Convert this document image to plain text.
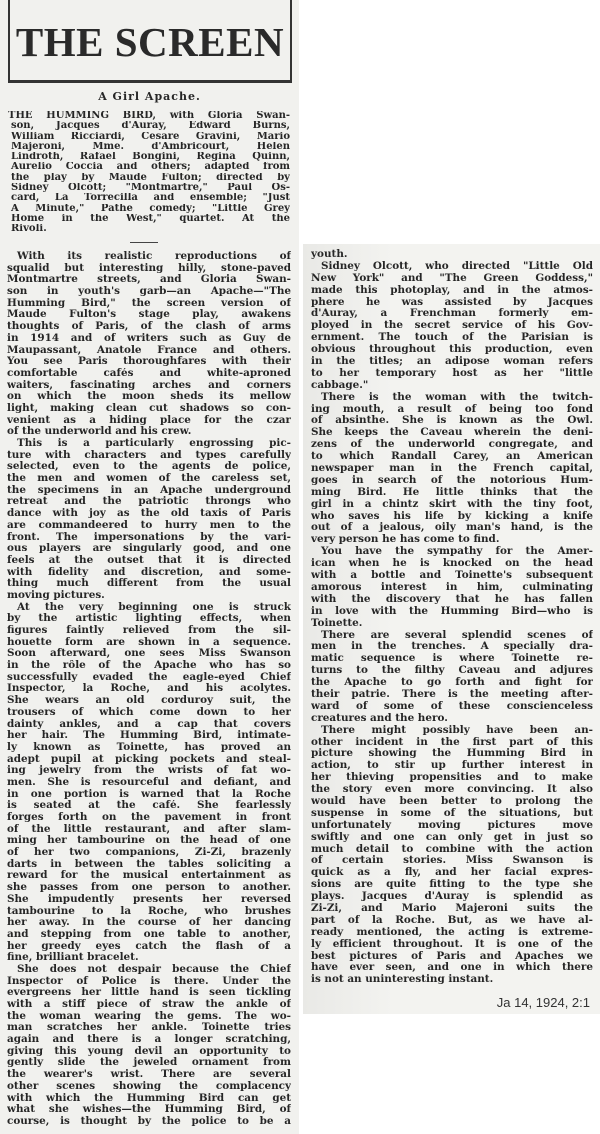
THE SCREEN
A Girl Apache.
THE HUMMING BIRD, with Gloria Swan-
son, Jacques d'Auray, Edward Burns,
William Ricciardi, Cesare Gravini, Mario
Majeroni, Mme. d'Ambricourt, Helen
Lindroth, Rafael Bongini, Regina Quinn,
Aurelio Coccia and others; adapted from
the play by Maude Fulton; directed by
Sidney Olcott; "Montmartre," Paul Os-
card, La Torrecilla and ensemble; "Just
A Minute," Pathe comedy; "Little Grey
Home in the West," quartet. At the
Rivoli.
With its realistic reproductions of
squalid but interesting hilly, stone-paved
Montmartre streets, and Gloria Swan-
son in youth's garb—an Apache—"The
Humming Bird," the screen version of
Maude Fulton's stage play, awakens
thoughts of Paris, of the clash of arms
in 1914 and of writers such as Guy de
Maupassant, Anatole France and others.
You see Paris thoroughfares with their
comfortable cafés and white-aproned
waiters, fascinating arches and corners
on which the moon sheds its mellow
light, making clean cut shadows so con-
venient as a hiding place for the czar
of the underworld and his crew.
This is a particularly engrossing pic-
ture with characters and types carefully
selected, even to the agents de police,
the men and women of the careless set,
the specimens in an Apache underground
retreat and the patriotic throngs who
dance with joy as the old taxis of Paris
are commandeered to hurry men to the
front. The impersonations by the vari-
ous players are singularly good, and one
feels at the outset that it is directed
with fidelity and discretion, and some-
thing much different from the usual
moving pictures.
At the very beginning one is struck
by the artistic lighting effects, when
figures faintly relieved from the sil-
houette form are shown in a sequence.
Soon afterward, one sees Miss Swanson
in the rôle of the Apache who has so
successfully evaded the eagle-eyed Chief
Inspector, la Roche, and his acolytes.
She wears an old corduroy suit, the
trousers of which come down to her
dainty ankles, and a cap that covers
her hair. The Humming Bird, intimate-
ly known as Toinette, has proved an
adept pupil at picking pockets and steal-
ing jewelry from the wrists of fat wo-
men. She is resourceful and defiant, and
in one portion is warned that la Roche
is seated at the café. She fearlessly
forges forth on the pavement in front
of the little restaurant, and after slam-
ming her tambourine on the head of one
of her two companions, Zi-Zi, brazenly
darts in between the tables soliciting a
reward for the musical entertainment as
she passes from one person to another.
She impudently presents her reversed
tambourine to la Roche, who brushes
her away. In the course of her dancing
and stepping from one table to another,
her greedy eyes catch the flash of a
fine, brilliant bracelet.
She does not despair because the Chief
Inspector of Police is there. Under the
evergreens her little hand is seen tickling
with a stiff piece of straw the ankle of
the woman wearing the gems. The wo-
man scratches her ankle. Toinette tries
again and there is a longer scratching,
giving this young devil an opportunity to
gently slide the jeweled ornament from
the wearer's wrist. There are several
other scenes showing the complacency
with which the Humming Bird can get
what she wishes—the Humming Bird, of
course, is thought by the police to be a
youth.
Sidney Olcott, who directed "Little Old
New York" and "The Green Goddess,"
made this photoplay, and in the atmos-
phere he was assisted by Jacques
d'Auray, a Frenchman formerly em-
ployed in the secret service of his Gov-
ernment. The touch of the Parisian is
obvious throughout this production, even
in the titles; an adipose woman refers
to her temporary host as her "little
cabbage."
There is the woman with the twitch-
ing mouth, a result of being too fond
of absinthe. She is known as the Owl.
She keeps the Caveau wherein the deni-
zens of the underworld congregate, and
to which Randall Carey, an American
newspaper man in the French capital,
goes in search of the notorious Hum-
ming Bird. He little thinks that the
girl in a chintz skirt with the tiny foot,
who saves his life by kicking a knife
out of a jealous, oily man's hand, is the
very person he has come to find.
You have the sympathy for the Amer-
ican when he is knocked on the head
with a bottle and Toinette's subsequent
amorous interest in him, culminating
with the discovery that he has fallen
in love with the Humming Bird—who is
Toinette.
There are several splendid scenes of
men in the trenches. A specially dra-
matic sequence is where Toinette re-
turns to the filthy Caveau and adjures
the Apache to go forth and fight for
their patrie. There is the meeting after-
ward of some of these conscienceless
creatures and the hero.
There might possibly have been an-
other incident in the first part of this
picture showing the Humming Bird in
action, to stir up further interest in
her thieving propensities and to make
the story even more convincing. It also
would have been better to prolong the
suspense in some of the situations, but
unfortunately moving pictures move
swiftly and one can only get in just so
much detail to combine with the action
of certain stories. Miss Swanson is
quick as a fly, and her facial expres-
sions are quite fitting to the type she
plays. Jacques d'Auray is splendid as
Zi-Zi, and Mario Majeroni suits the
part of la Roche. But, as we have al-
ready mentioned, the acting is extreme-
ly efficient throughout. It is one of the
best pictures of Paris and Apaches we
have ever seen, and one in which there
is not an uninteresting instant.
Ja 14, 1924, 2:1
